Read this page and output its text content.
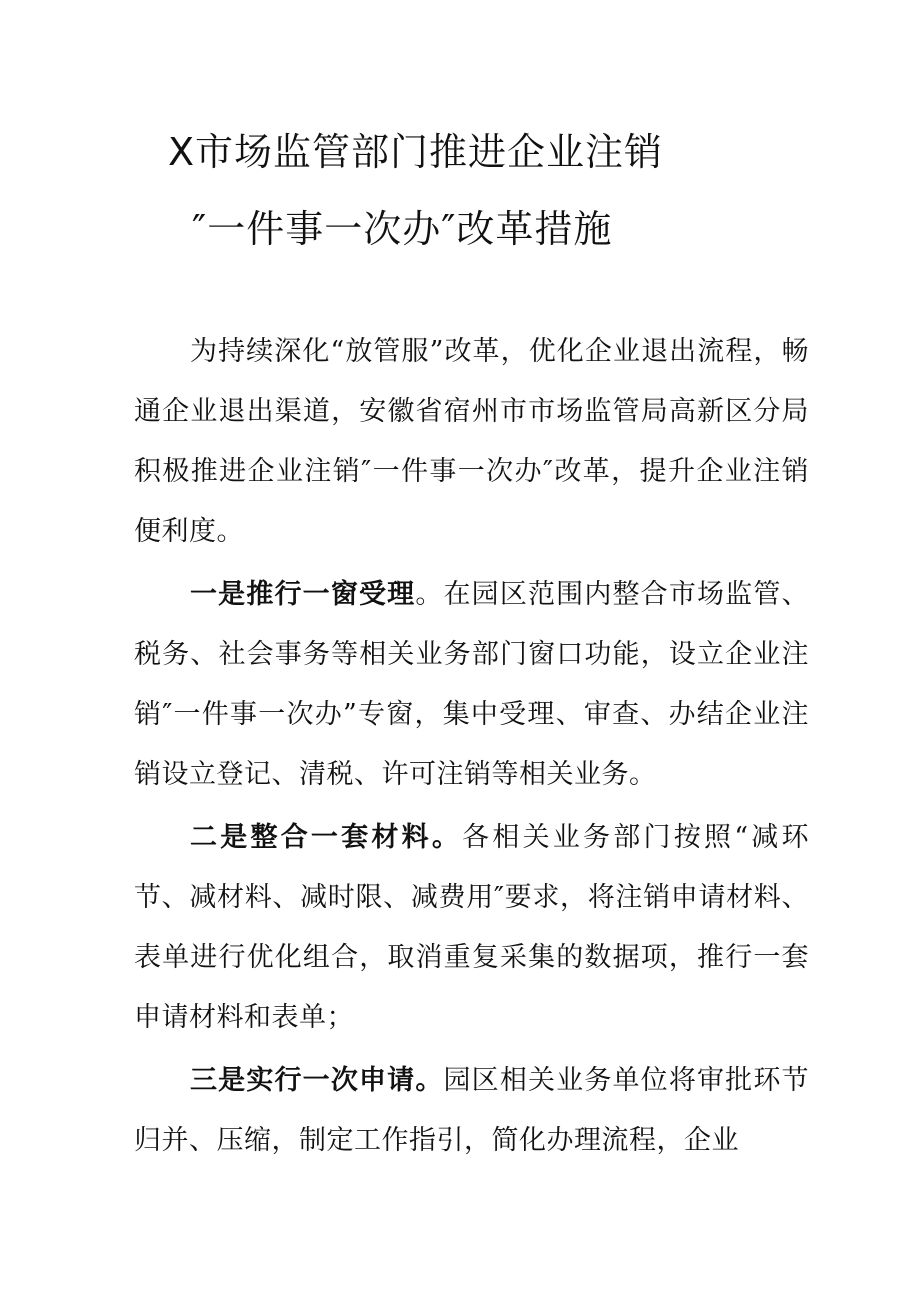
X市场监管部门推进企业注销
″一件事一次办″改革措施

为持续深化“放管服”改革，优化企业退出流程，畅通企业退出渠道，安徽省宿州市市场监管局高新区分局积极推进企业注销″一件事一次办″改革，提升企业注销便利度。

一是推行一窗受理。在园区范围内整合市场监管、税务、社会事务等相关业务部门窗口功能，设立企业注销″一件事一次办”专窗，集中受理、审查、办结企业注销设立登记、清税、许可注销等相关业务。

二是整合一套材料。各相关业务部门按照“减环节、减材料、减时限、减费用″要求，将注销申请材料、表单进行优化组合，取消重复采集的数据项，推行一套申请材料和表单；

三是实行一次申请。园区相关业务单位将审批环节归并、压缩，制定工作指引，简化办理流程，企业
